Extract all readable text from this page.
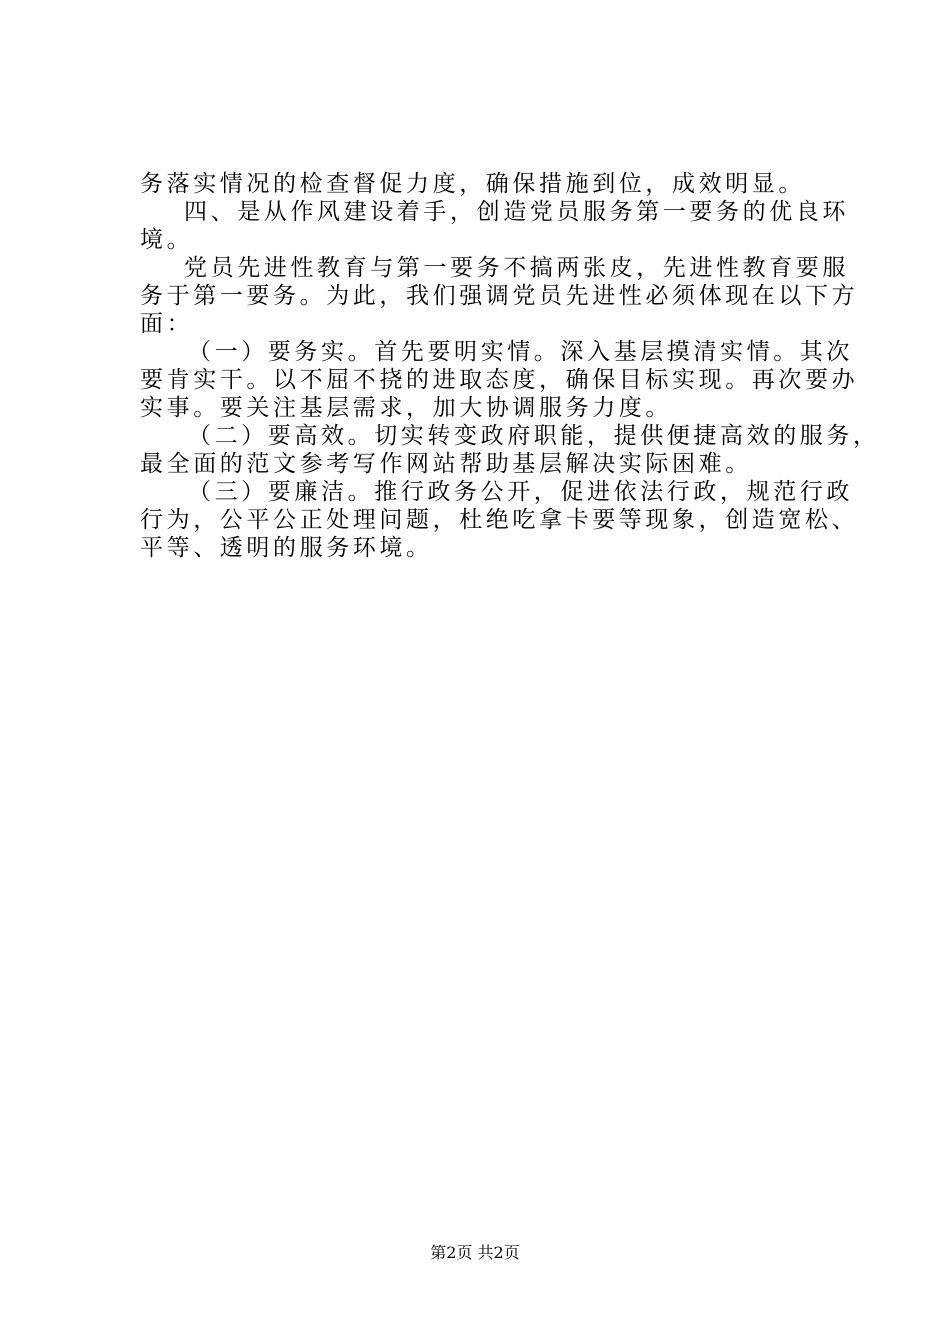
务落实情况的检查督促力度，确保措施到位，成效明显。
四、是从作风建设着手，创造党员服务第一要务的优良环
境。
党员先进性教育与第一要务不搞两张皮，先进性教育要服
务于第一要务。为此，我们强调党员先进性必须体现在以下方
面：
（一）要务实。首先要明实情。深入基层摸清实情。其次
要肯实干。以不屈不挠的进取态度，确保目标实现。再次要办
实事。要关注基层需求，加大协调服务力度。
（二）要高效。切实转变政府职能，提供便捷高效的服务，
最全面的范文参考写作网站帮助基层解决实际困难。
（三）要廉洁。推行政务公开，促进依法行政，规范行政
行为，公平公正处理问题，杜绝吃拿卡要等现象，创造宽松、
平等、透明的服务环境。
第2页 共2页
